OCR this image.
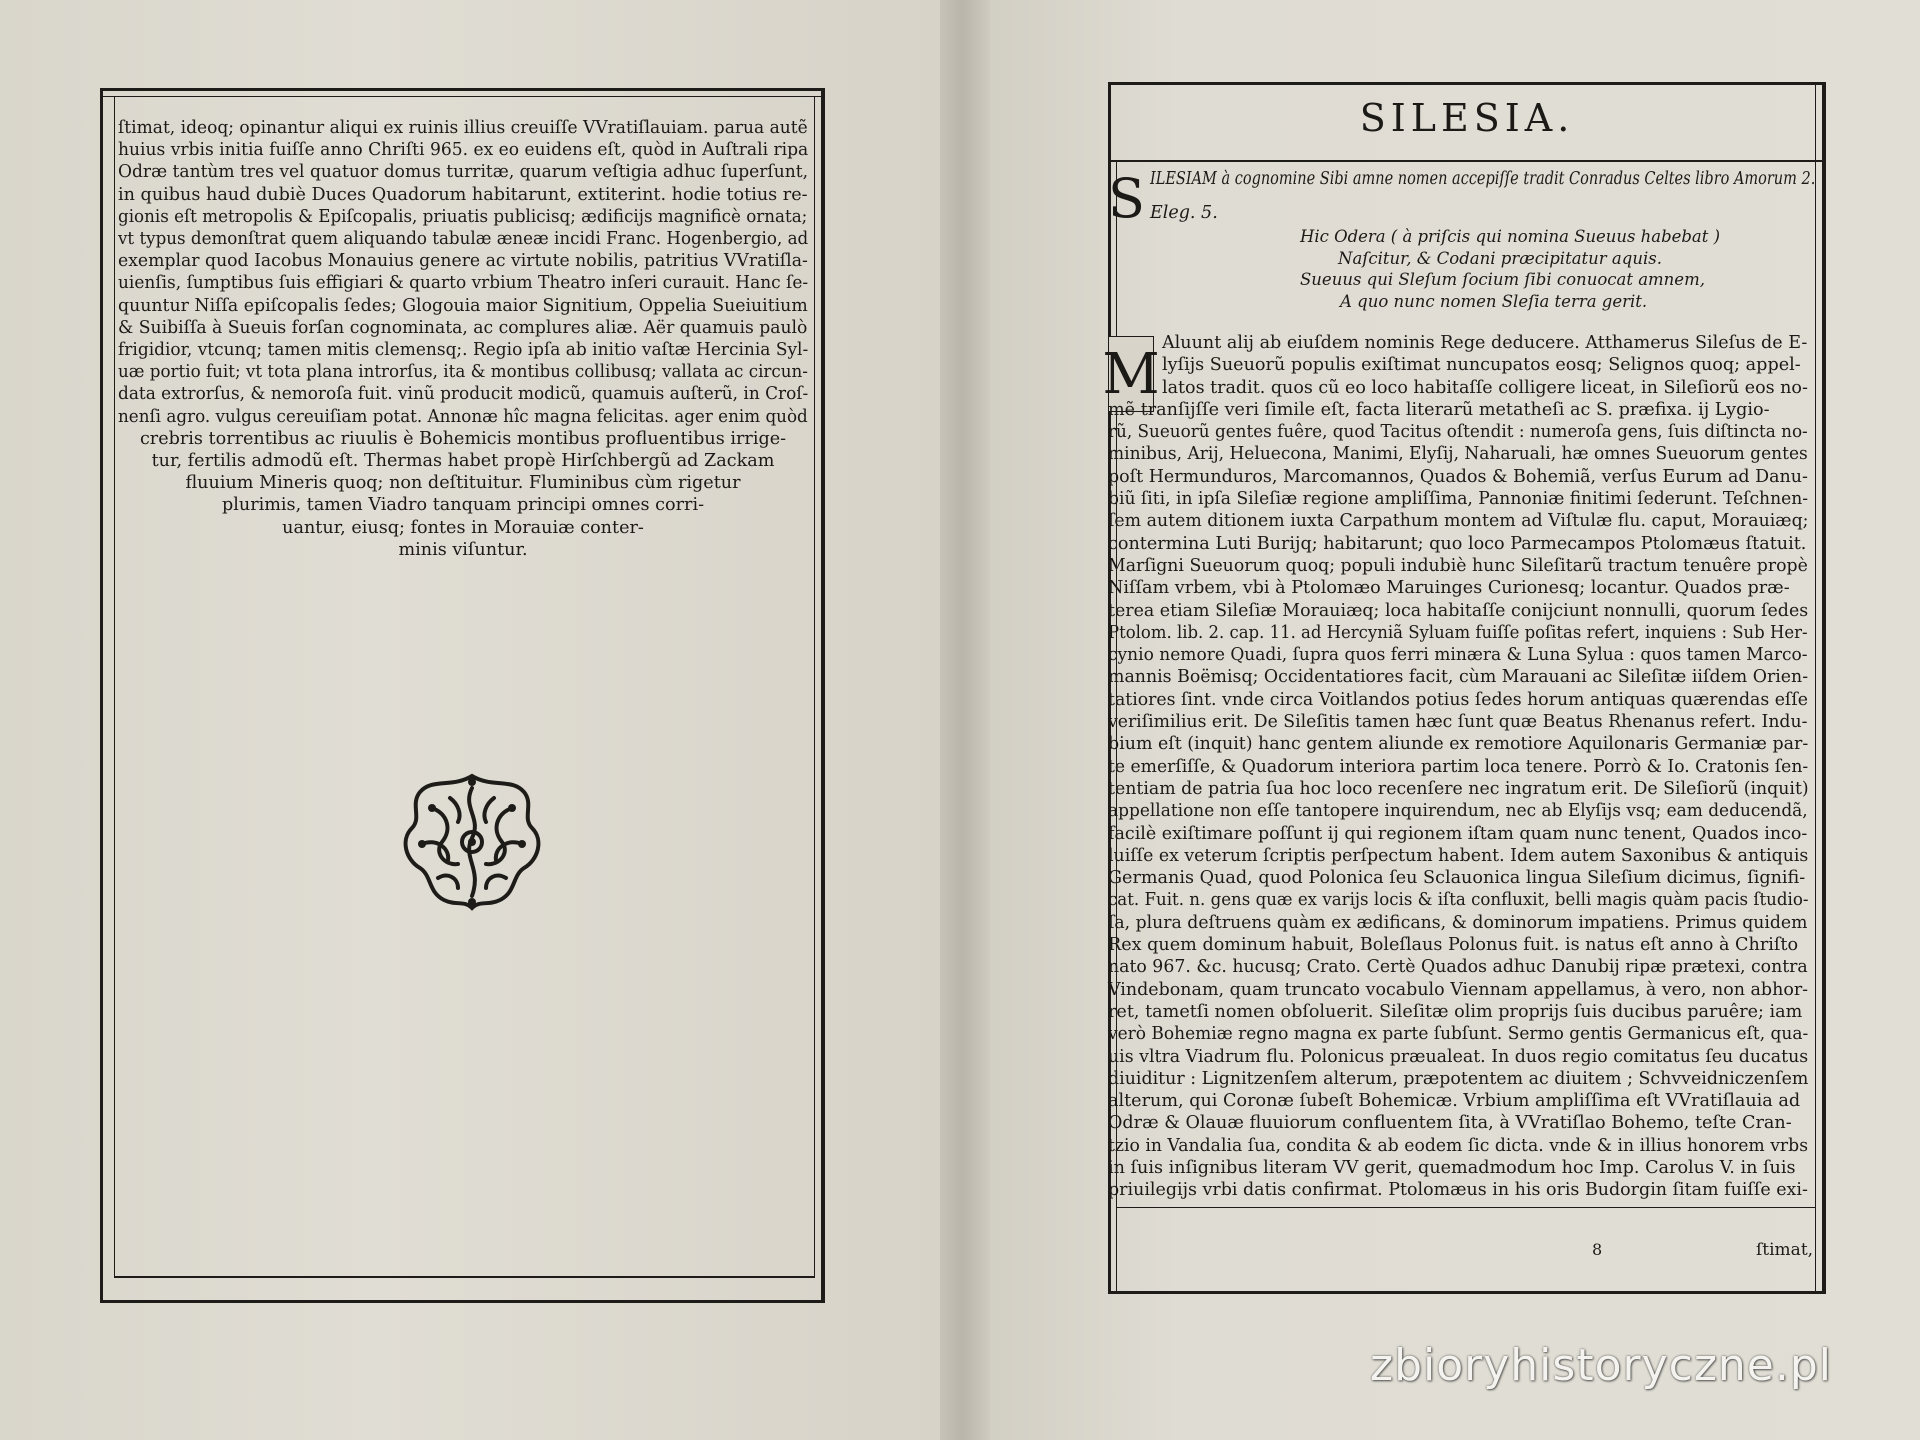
ſtimat, ideoq; opinantur aliqui ex ruinis illius creuiſſe VVratiſlauiam. parua autẽ
huius vrbis initia fuiſſe anno Chriſti 965. ex eo euidens eſt, quòd in Auſtrali ripa
Odræ tantùm tres vel quatuor domus turritæ, quarum veſtigia adhuc ſuperſunt,
in quibus haud dubiè Duces Quadorum habitarunt, extiterint. hodie totius re-
gionis eſt metropolis & Epiſcopalis, priuatis publicisq; ædificijs magnificè ornata;
vt typus demonſtrat quem aliquando tabulæ æneæ incidi Franc. Hogenbergio, ad
exemplar quod Iacobus Monauius genere ac virtute nobilis, patritius VVratiſla-
uienſis, ſumptibus ſuis effigiari & quarto vrbium Theatro inſeri curauit. Hanc ſe-
quuntur Niſſa epiſcopalis ſedes; Glogouia maior Signitium, Oppelia Sueiuitium
& Suibiſſa à Sueuis forſan cognominata, ac complures aliæ. Aër quamuis paulò
frigidior, vtcunq; tamen mitis clemensq;. Regio ipſa ab initio vaſtæ Hercinia Syl-
uæ portio fuit; vt tota plana introrſus, ita & montibus collibusq; vallata ac circun-
data extrorſus, & nemoroſa fuit. vinũ producit modicũ, quamuis auſterũ, in Croſ-
nenſi agro. vulgus cereuiſiam potat. Annonæ hîc magna felicitas. ager enim quòd
crebris torrentibus ac riuulis è Bohemicis montibus profluentibus irrige-
tur, fertilis admodũ eſt. Thermas habet propè Hirſchbergũ ad Zackam
fluuium Mineris quoq; non deſtituitur. Fluminibus cùm rigetur
plurimis, tamen Viadro tanquam principi omnes corri-
uantur, eiusq; fontes in Morauiæ conter-
minis viſuntur.
SILESIA.
S ILESIAM à cognomine Sibi amne nomen accepiſſe tradit Conradus Celtes libro Amorum 2.
Eleg. 5.
Hic Odera ( à priſcis qui nomina Sueuus habebat )
Naſcitur, & Codani præcipitatur aquis.
Sueuus qui Sleſum ſocium ſibi conuocat amnem,
A quo nunc nomen Sleſia terra gerit.
M Aluunt alij ab eiuſdem nominis Rege deducere. Atthamerus Sileſus de E-
lyſijs Sueuorũ populis exiſtimat nuncupatos eosq; Selignos quoq; appel-
latos tradit. quos cũ eo loco habitaſſe colligere liceat, in Sileſiorũ eos no-
mẽ tranſijſſe veri ſimile eſt, facta literarũ metatheſi ac S. præfixa. ij Lygio-
rũ, Sueuorũ gentes fuêre, quod Tacitus oſtendit : numeroſa gens, ſuis diſtincta no-
minibus, Arij, Heluecona, Manimi, Elyſij, Naharuali, hæ omnes Sueuorum gentes
poſt Hermunduros, Marcomannos, Quados & Bohemiã, verſus Eurum ad Danu-
biũ ſiti, in ipſa Sileſiæ regione ampliſſima, Pannoniæ finitimi ſederunt. Teſchnen-
ſem autem ditionem iuxta Carpathum montem ad Viſtulæ flu. caput, Morauiæq;
contermina Luti Burijq; habitarunt; quo loco Parmecampos Ptolomæus ſtatuit.
Marſigni Sueuorum quoq; populi indubiè hunc Sileſitarũ tractum tenuêre propè
Niſſam vrbem, vbi à Ptolomæo Maruinges Curionesq; locantur. Quados præ-
terea etiam Sileſiæ Morauiæq; loca habitaſſe conijciunt nonnulli, quorum ſedes
Ptolom. lib. 2. cap. 11. ad Hercyniã Syluam fuiſſe poſitas refert, inquiens : Sub Her-
cynio nemore Quadi, ſupra quos ferri minæra & Luna Sylua : quos tamen Marco-
mannis Boëmisq; Occidentatiores facit, cùm Marauani ac Sileſitæ iiſdem Orien-
tatiores ſint. vnde circa Voitlandos potius ſedes horum antiquas quærendas eſſe
veriſimilius erit. De Sileſitis tamen hæc ſunt quæ Beatus Rhenanus refert. Indu-
bium eſt (inquit) hanc gentem aliunde ex remotiore Aquilonaris Germaniæ par-
te emerſiſſe, & Quadorum interiora partim loca tenere. Porrò & Io. Cratonis ſen-
tentiam de patria ſua hoc loco recenſere nec ingratum erit. De Sileſiorũ (inquit)
appellatione non eſſe tantopere inquirendum, nec ab Elyſijs vsq; eam deducendã,
facilè exiſtimare poſſunt ij qui regionem iſtam quam nunc tenent, Quados inco-
luiſſe ex veterum ſcriptis perſpectum habent. Idem autem Saxonibus & antiquis
Germanis Quad, quod Polonica ſeu Sclauonica lingua Sileſium dicimus, ſignifi-
cat. Fuit. n. gens quæ ex varijs locis & iſta confluxit, belli magis quàm pacis ſtudio-
ſa, plura deſtruens quàm ex ædificans, & dominorum impatiens. Primus quidem
Rex quem dominum habuit, Boleſlaus Polonus fuit. is natus eſt anno à Chriſto
nato 967. &c. hucusq; Crato. Certè Quados adhuc Danubij ripæ prætexi, contra
Vindebonam, quam truncato vocabulo Viennam appellamus, à vero, non abhor-
ret, tametſi nomen obſoluerit. Sileſitæ olim proprijs ſuis ducibus paruêre; iam
verò Bohemiæ regno magna ex parte ſubſunt. Sermo gentis Germanicus eſt, qua-
uis vltra Viadrum flu. Polonicus præualeat. In duos regio comitatus ſeu ducatus
diuiditur : Lignitzenſem alterum, præpotentem ac diuitem ; Schvveidniczenſem
alterum, qui Coronæ ſubeſt Bohemicæ. Vrbium ampliſſima eſt VVratiſlauia ad
Odræ & Olauæ fluuiorum confluentem ſita, à VVratiſlao Bohemo, teſte Cran-
tzio in Vandalia ſua, condita & ab eodem ſic dicta. vnde & in illius honorem vrbs
in ſuis inſignibus literam VV gerit, quemadmodum hoc Imp. Carolus V. in ſuis
priuilegijs vrbi datis confirmat. Ptolomæus in his oris Budorgin ſitam fuiſſe exi-
8	ſtimat,
zbioryhistoryczne.pl
